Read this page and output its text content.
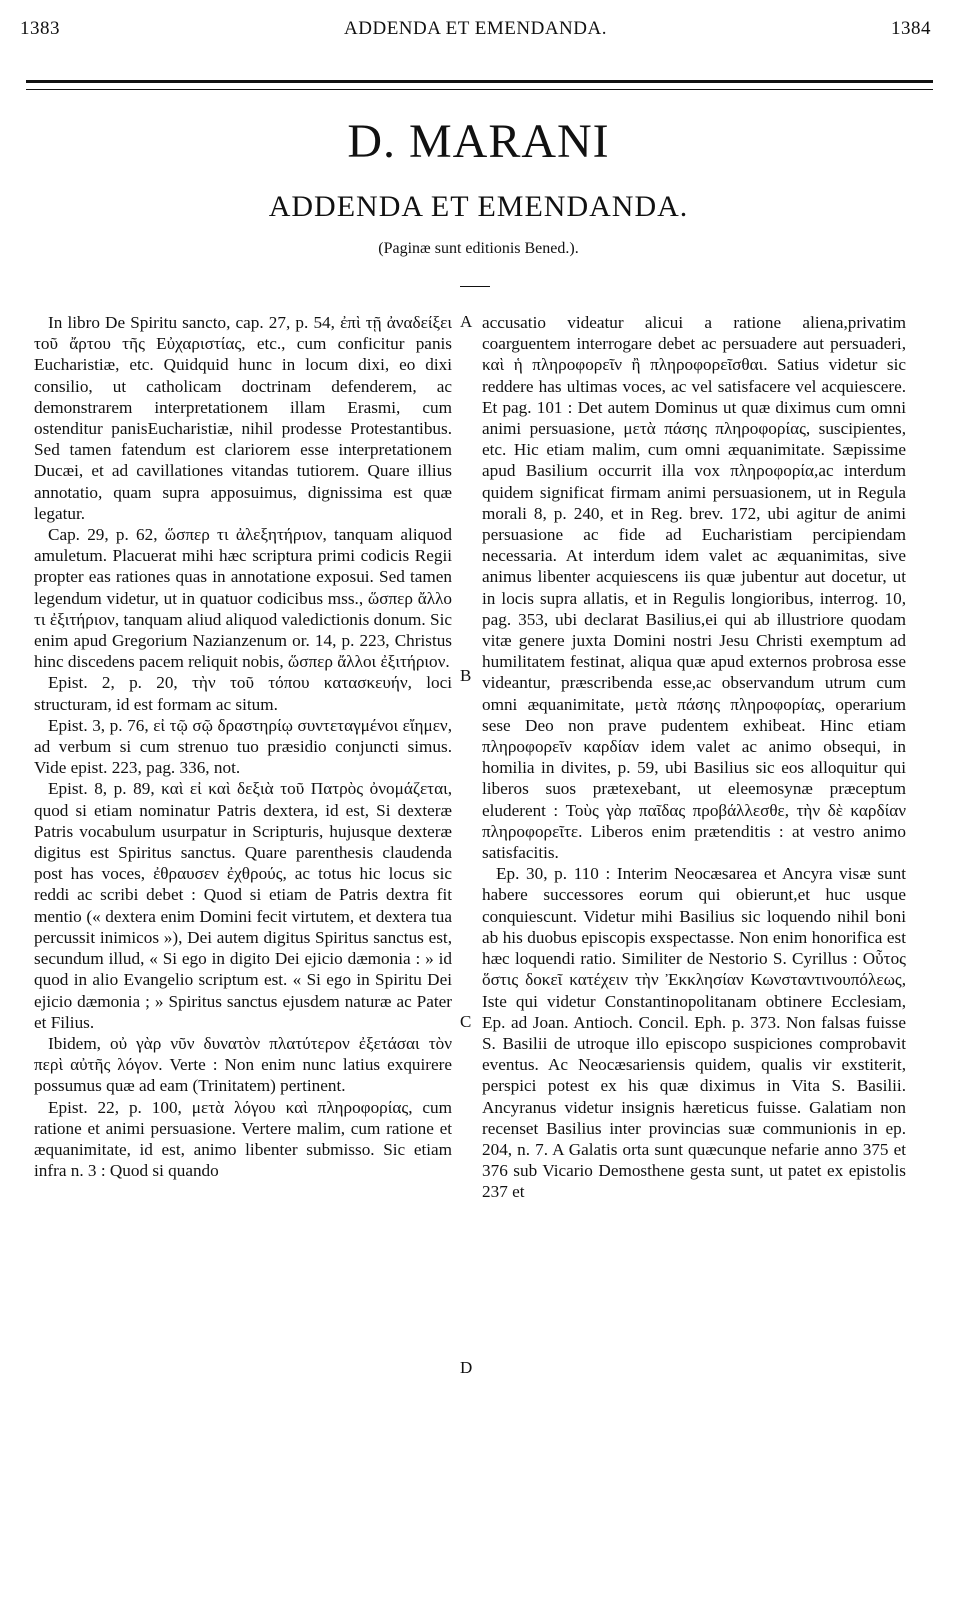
1383	ADDENDA ET EMENDANDA.	1384
D. MARANI
ADDENDA ET EMENDANDA.
(Paginæ sunt editionis Bened.).

In libro De Spiritu sancto, cap. 27, p. 54, ἐπὶ τῇ ἀναδείξει τοῦ ἄρτου τῆς Εὐχαριστίας, etc., cum conficitur panis Eucharistiæ, etc. Quidquid hunc in locum dixi, eo dixi consilio, ut catholicam doctrinam defenderem, ac demonstrarem interpretationem illam Erasmi, cum ostenditur panisEucharistiæ, nihil prodesse Protestantibus. Sed tamen fatendum est clariorem esse interpretationem Ducæi, et ad cavillationes vitandas tutiorem. Quare illius annotatio, quam supra apposuimus, dignissima est quæ legatur.

Cap. 29, p. 62, ὥσπερ τι ἀλεξητήριον, tanquam aliquod amuletum. Placuerat mihi hæc scriptura primi codicis Regii propter eas rationes quas in annotatione exposui. Sed tamen legendum videtur, ut in quatuor codicibus mss., ὥσπερ ἄλλο τι ἐξιτήριον, tanquam aliud aliquod valedictionis donum. Sic enim apud Gregorium Nazianzenum or. 14, p. 223, Christus hinc discedens pacem reliquit nobis, ὥσπερ ἄλλοι ἐξιτήριον.

Epist. 2, p. 20, τὴν τοῦ τόπου κατασκευήν, loci structuram, id est formam ac situm.

Epist. 3, p. 76, εἰ τῷ σῷ δραστηρίῳ συντεταγμένοι εἴημεν, ad verbum si cum strenuo tuo præsidio conjuncti simus. Vide epist. 223, pag. 336, not.

Epist. 8, p. 89, καὶ εἰ καὶ δεξιὰ τοῦ Πατρὸς ὀνομάζεται, quod si etiam nominatur Patris dextera, id est, Si dexteræ Patris vocabulum usurpatur in Scripturis, hujusque dexteræ digitus est Spiritus sanctus. Quare parenthesis claudenda post has voces, ἐθραυσεν ἐχθρούς, ac totus hic locus sic reddi ac scribi debet : Quod si etiam de Patris dextra fit mentio (« dextera enim Domini fecit virtutem, et dextera tua percussit inimicos »), Dei autem digitus Spiritus sanctus est, secundum illud, « Si ego in digito Dei ejicio dæmonia : » id quod in alio Evangelio scriptum est. « Si ego in Spiritu Dei ejicio dæmonia ; » Spiritus sanctus ejusdem naturæ ac Pater et Filius.

Ibidem, οὐ γὰρ νῦν δυνατὸν πλατύτερον ἐξετάσαι τὸν περὶ αὐτῆς λόγον. Verte : Non enim nunc latius exquirere possumus quæ ad eam (Trinitatem) pertinent.

Epist. 22, p. 100, μετὰ λόγου καὶ πληροφορίας, cum ratione et animi persuasione. Vertere malim, cum ratione et æquanimitate, id est, animo libenter submisso. Sic etiam infra n. 3 : Quod si quando

A
B
C
D

accusatio videatur alicui a ratione aliena,privatim coarguentem interrogare debet ac persuadere aut persuaderi, καὶ ἡ πληροφορεῖν ἢ πληροφορεῖσθαι. Satius videtur sic reddere has ultimas voces, ac vel satisfacere vel acquiescere. Et pag. 101 : Det autem Dominus ut quæ diximus cum omni animi persuasione, μετὰ πάσης πληροφορίας, suscipientes, etc. Hic etiam malim, cum omni æquanimitate. Sæpissime apud Basilium occurrit illa vox πληροφορία,ac interdum quidem significat firmam animi persuasionem, ut in Regula morali 8, p. 240, et in Reg. brev. 172, ubi agitur de animi persuasione ac fide ad Eucharistiam percipiendam necessaria. At interdum idem valet ac æquanimitas, sive animus libenter acquiescens iis quæ jubentur aut docetur, ut in locis supra allatis, et in Regulis longioribus, interrog. 10, pag. 353, ubi declarat Basilius,ei qui ab illustriore quodam vitæ genere juxta Domini nostri Jesu Christi exemptum ad humilitatem festinat, aliqua quæ apud externos probrosa esse videantur, præscribenda esse,ac observandum utrum cum omni æquanimitate, μετὰ πάσης πληροφορίας, operarium sese Deo non prave pudentem exhibeat. Hinc etiam πληροφορεῖν καρδίαν idem valet ac animo obsequi, in homilia in divites, p. 59, ubi Basilius sic eos alloquitur qui liberos suos prætexebant, ut eleemosynæ præceptum eluderent : Τοὺς γὰρ παῖδας προβάλλεσθε, τὴν δὲ καρδίαν πληροφορεῖτε. Liberos enim prætenditis : at vestro animo satisfacitis.

Ep. 30, p. 110 : Interim Neocæsarea et Ancyra visæ sunt habere successores eorum qui obierunt,et huc usque conquiescunt. Videtur mihi Basilius sic loquendo nihil boni ab his duobus episcopis exspectasse. Non enim honorifica est hæc loquendi ratio. Similiter de Nestorio S. Cyrillus : Οὗτος ὅστις δοκεῖ κατέχειν τὴν Ἐκκλησίαν Κωνσταντινουπόλεως, Iste qui videtur Constantinopolitanam obtinere Ecclesiam, Ep. ad Joan. Antioch. Concil. Eph. p. 373. Non falsas fuisse S. Basilii de utroque illo episcopo suspiciones comprobavit eventus. Ac Neocæsariensis quidem, qualis vir exstiterit, perspici potest ex his quæ diximus in Vita S. Basilii. Ancyranus videtur insignis hæreticus fuisse. Galatiam non recenset Basilius inter provincias suæ communionis in ep. 204, n. 7. A Galatis orta sunt quæcunque nefarie anno 375 et 376 sub Vicario Demosthene gesta sunt, ut patet ex epistolis 237 et
